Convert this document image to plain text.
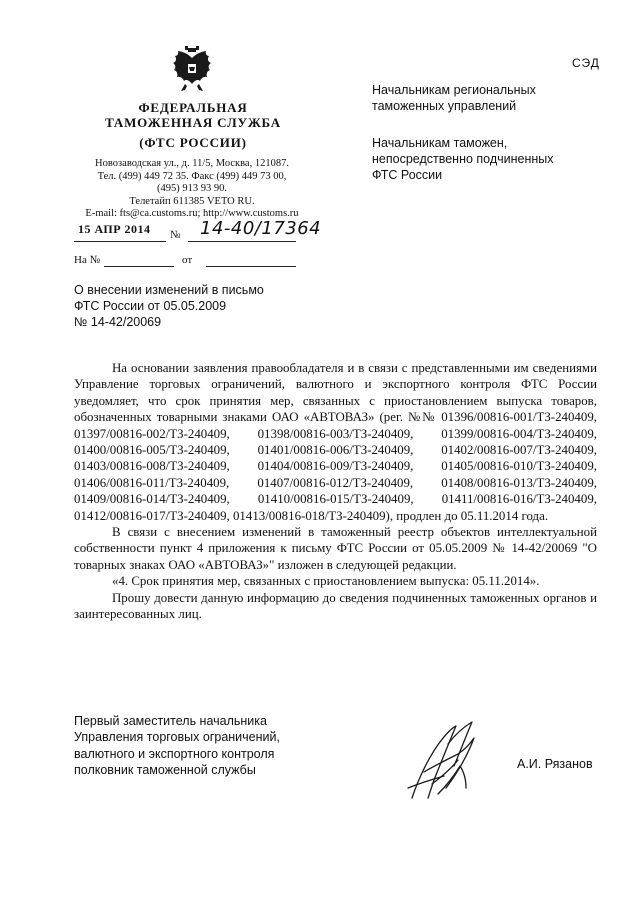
СЭД
ФЕДЕРАЛЬНАЯ
ТАМОЖЕННАЯ СЛУЖБА
(ФТС РОССИИ)
Новозаводская ул., д. 11/5, Москва, 121087.
Тел. (499) 449 72 35. Факс (499) 449 73 00,
(495) 913 93 90.
Телетайп 611385 VETO RU.
E-mail: fts@ca.customs.ru; http://www.customs.ru
15 АПР 2014 № 14-40/17364
На №	от
Начальникам региональных
таможенных управлений
Начальникам таможен,
непосредственно подчиненных
ФТС России
О внесении изменений в письмо
ФТС России от 05.05.2009
№ 14-42/20069

На основании заявления правообладателя и в связи с представленными им сведениями Управление торговых ограничений, валютного и экспортного контроля ФТС России уведомляет, что срок принятия мер, связанных с приостановлением выпуска товаров, обозначенных товарными знаками ОАО «АВТОВАЗ» (рег. №№ 01396/00816-001/ТЗ-240409, 01397/00816-002/ТЗ-240409, 01398/00816-003/ТЗ-240409, 01399/00816-004/ТЗ-240409, 01400/00816-005/ТЗ-240409, 01401/00816-006/ТЗ-240409, 01402/00816-007/ТЗ-240409, 01403/00816-008/ТЗ-240409, 01404/00816-009/ТЗ-240409, 01405/00816-010/ТЗ-240409, 01406/00816-011/ТЗ-240409, 01407/00816-012/ТЗ-240409, 01408/00816-013/ТЗ-240409, 01409/00816-014/ТЗ-240409, 01410/00816-015/ТЗ-240409, 01411/00816-016/ТЗ-240409, 01412/00816-017/ТЗ-240409, 01413/00816-018/ТЗ-240409), продлен до 05.11.2014 года.

В связи с внесением изменений в таможенный реестр объектов интеллектуальной собственности пункт 4 приложения к письму ФТС России от 05.05.2009 № 14-42/20069 "О товарных знаках ОАО «АВТОВАЗ»" изложен в следующей редакции.

«4. Срок принятия мер, связанных с приостановлением выпуска: 05.11.2014».

Прошу довести данную информацию до сведения подчиненных таможенных органов и заинтересованных лиц.

Первый заместитель начальника
Управления торговых ограничений,
валютного и экспортного контроля
полковник таможенной службы	А.И. Рязанов
